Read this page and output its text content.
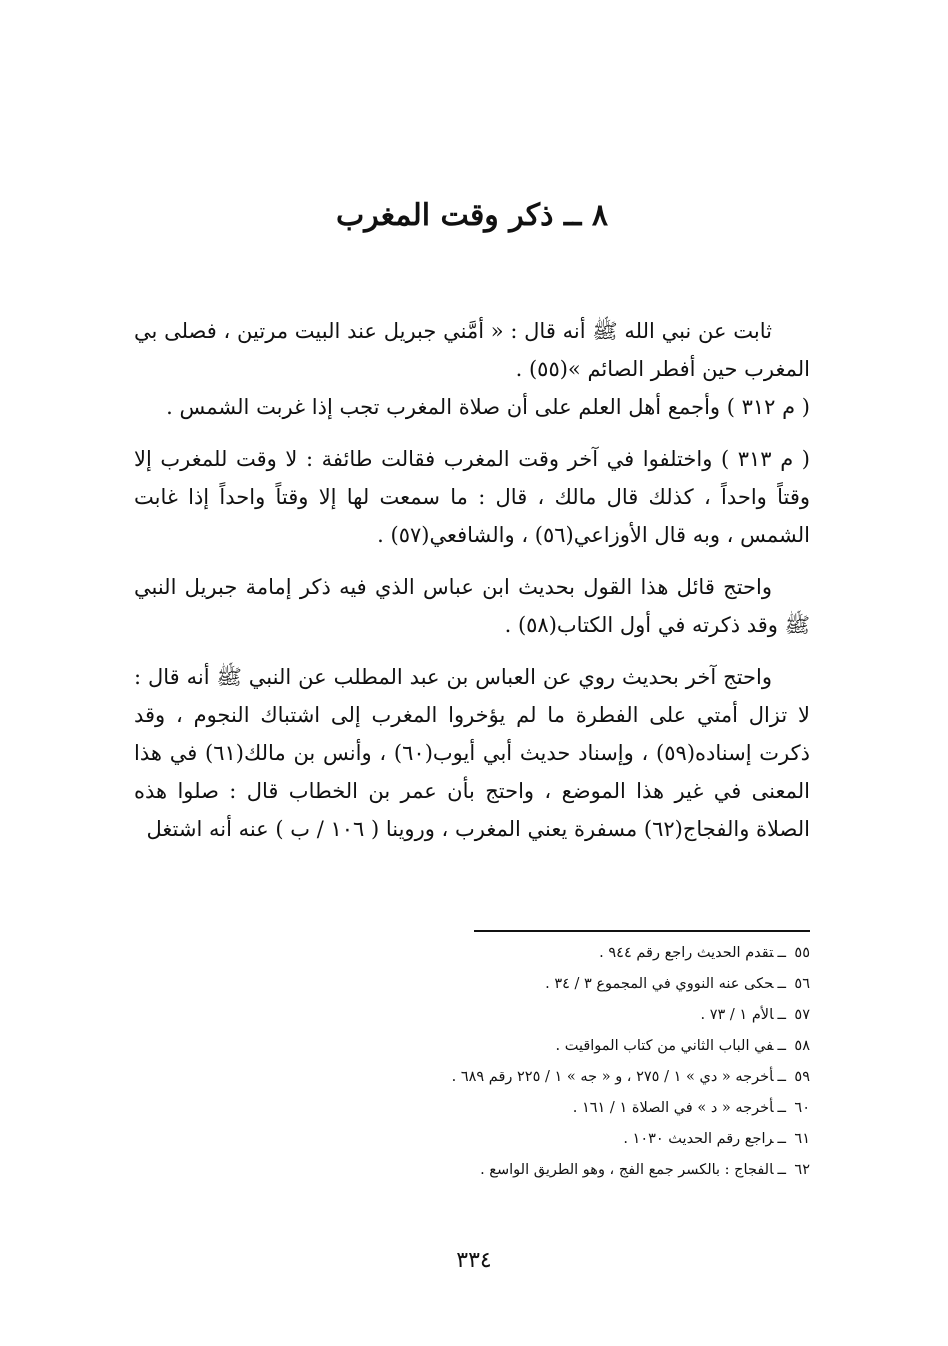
٨ ــ ذكر وقت المغرب

ثابت عن نبي الله ﷺ أنه قال : « أمَّني جبريل عند البيت مرتين ، فصلى بي المغرب حين أفطر الصائم »(٥٥) .

( م ٣١٢ ) وأجمع أهل العلم على أن صلاة المغرب تجب إذا غربت الشمس .

( م ٣١٣ ) واختلفوا في آخر وقت المغرب فقالت طائفة : لا وقت للمغرب إلا وقتاً واحداً ، كذلك قال مالك ، قال : ما سمعت لها إلا وقتاً واحداً إذا غابت الشمس ، وبه قال الأوزاعي(٥٦) ، والشافعي(٥٧) .

واحتج قائل هذا القول بحديث ابن عباس الذي فيه ذكر إمامة جبريل النبي ﷺ وقد ذكرته في أول الكتاب(٥٨) .

واحتج آخر بحديث روي عن العباس بن عبد المطلب عن النبي ﷺ أنه قال : لا تزال أمتي على الفطرة ما لم يؤخروا المغرب إلى اشتباك النجوم ، وقد ذكرت إسناده(٥٩) ، وإسناد حديث أبي أيوب(٦٠) ، وأنس بن مالك(٦١) في هذا المعنى في غير هذا الموضع ، واحتج بأن عمر بن الخطاب قال : صلوا هذه الصلاة والفجاج(٦٢) مسفرة يعني المغرب ، وروينا ( ١٠٦ / ب ) عنه أنه اشتغل

٥٥ــتقدم الحديث راجع رقم ٩٤٤ .

٥٦ــحكى عنه النووي في المجموع ٣ / ٣٤ .

٥٧ــالأم ١ / ٧٣ .

٥٨ــفي الباب الثاني من كتاب المواقيت .

٥٩ــأخرجه « دي » ١ / ٢٧٥ ، و « جه » ١ / ٢٢٥ رقم ٦٨٩ .

٦٠ــأخرجه « د » في الصلاة ١ / ١٦١ .

٦١ــراجع رقم الحديث ١٠٣٠ .

٦٢ــالفجاج : بالكسر جمع الفج ، وهو الطريق الواسع .

٣٣٤
